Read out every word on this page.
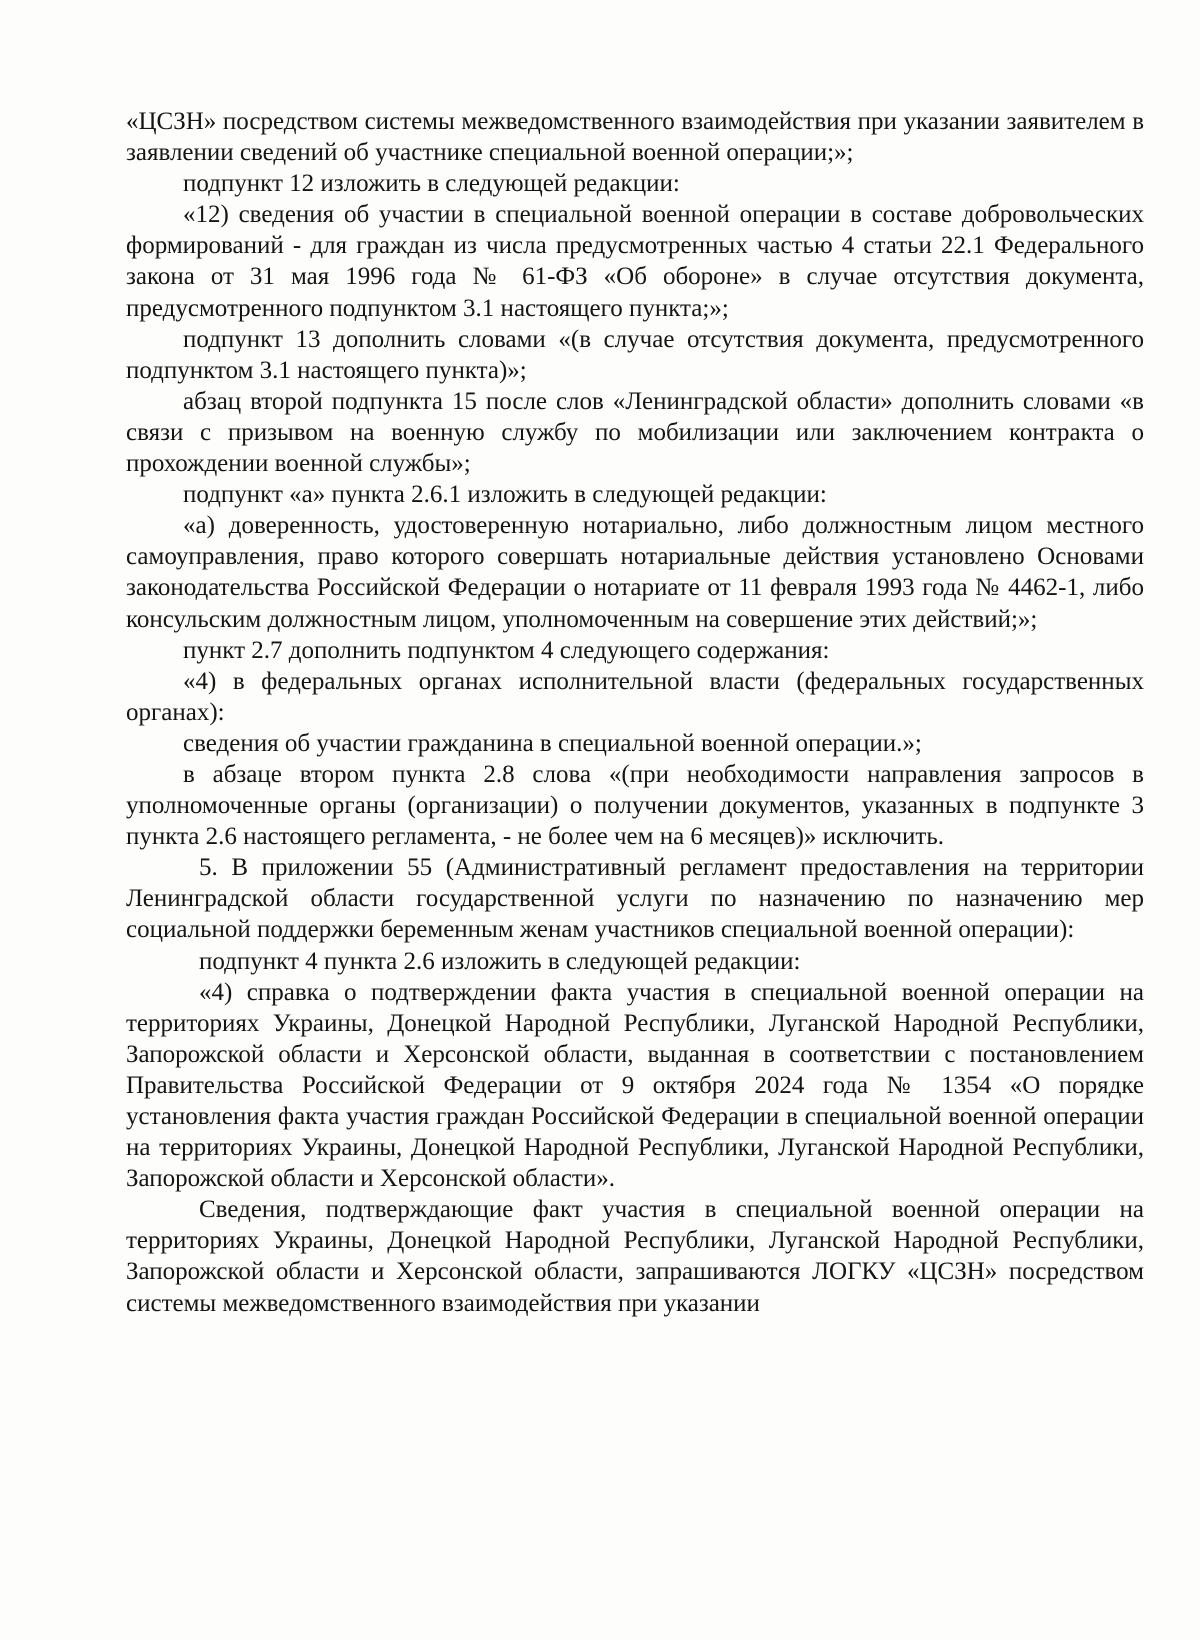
«ЦСЗН» посредством системы межведомственного взаимодействия при указании заявителем в заявлении сведений об участнике специальной военной операции;»;

подпункт 12 изложить в следующей редакции:

«12) сведения об участии в специальной военной операции в составе добровольческих формирований - для граждан из числа предусмотренных частью 4 статьи 22.1 Федерального закона от 31 мая 1996 года № 61-ФЗ «Об обороне» в случае отсутствия документа, предусмотренного подпунктом 3.1 настоящего пункта;»;

подпункт 13 дополнить словами «(в случае отсутствия документа, предусмотренного подпунктом 3.1 настоящего пункта)»;

абзац второй подпункта 15 после слов «Ленинградской области» дополнить словами «в связи с призывом на военную службу по мобилизации или заключением контракта о прохождении военной службы»;

подпункт «а» пункта 2.6.1 изложить в следующей редакции:

«а) доверенность, удостоверенную нотариально, либо должностным лицом местного самоуправления, право которого совершать нотариальные действия установлено Основами законодательства Российской Федерации о нотариате от 11 февраля 1993 года № 4462-1, либо консульским должностным лицом, уполномоченным на совершение этих действий;»;

пункт 2.7 дополнить подпунктом 4 следующего содержания:

«4) в федеральных органах исполнительной власти (федеральных государственных органах):

сведения об участии гражданина в специальной военной операции.»;

в абзаце втором пункта 2.8 слова «(при необходимости направления запросов в уполномоченные органы (организации) о получении документов, указанных в подпункте 3 пункта 2.6 настоящего регламента, - не более чем на 6 месяцев)» исключить.

5. В приложении 55 (Административный регламент предоставления на территории Ленинградской области государственной услуги по назначению по назначению мер социальной поддержки беременным женам участников специальной военной операции):

подпункт 4 пункта 2.6 изложить в следующей редакции:

«4) справка о подтверждении факта участия в специальной военной операции на территориях Украины, Донецкой Народной Республики, Луганской Народной Республики, Запорожской области и Херсонской области, выданная в соответствии с постановлением Правительства Российской Федерации от 9 октября 2024 года № 1354 «О порядке установления факта участия граждан Российской Федерации в специальной военной операции на территориях Украины, Донецкой Народной Республики, Луганской Народной Республики, Запорожской области и Херсонской области».

Сведения, подтверждающие факт участия в специальной военной операции на территориях Украины, Донецкой Народной Республики, Луганской Народной Республики, Запорожской области и Херсонской области, запрашиваются ЛОГКУ «ЦСЗН» посредством системы межведомственного взаимодействия при указании
